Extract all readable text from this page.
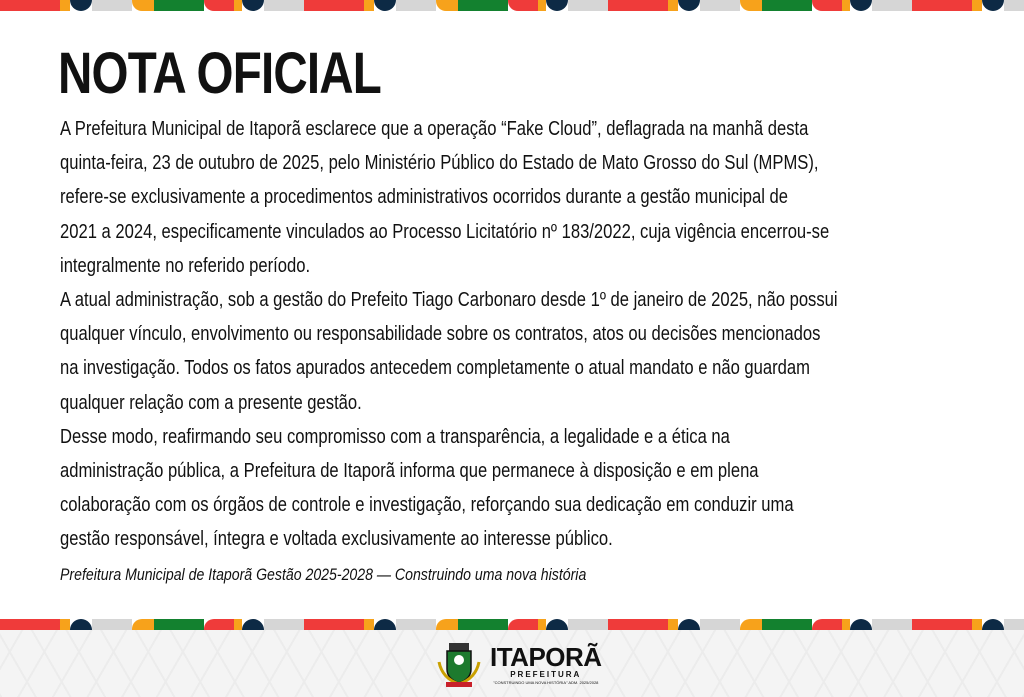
NOTA OFICIAL
A Prefeitura Municipal de Itaporã esclarece que a operação “Fake Cloud”, deflagrada na manhã desta
quinta-feira, 23 de outubro de 2025, pelo Ministério Público do Estado de Mato Grosso do Sul (MPMS),
refere-se exclusivamente a procedimentos administrativos ocorridos durante a gestão municipal de
2021 a 2024, especificamente vinculados ao Processo Licitatório nº 183/2022, cuja vigência encerrou-se
integralmente no referido período.
A atual administração, sob a gestão do Prefeito Tiago Carbonaro desde 1º de janeiro de 2025, não possui
qualquer vínculo, envolvimento ou responsabilidade sobre os contratos, atos ou decisões mencionados
na investigação. Todos os fatos apurados antecedem completamente o atual mandato e não guardam
qualquer relação com a presente gestão.
Desse modo, reafirmando seu compromisso com a transparência, a legalidade e a ética na
administração pública, a Prefeitura de Itaporã informa que permanece à disposição e em plena
colaboração com os órgãos de controle e investigação, reforçando sua dedicação em conduzir uma
gestão responsável, íntegra e voltada exclusivamente ao interesse público.
Prefeitura Municipal de Itaporã Gestão 2025-2028 — Construindo uma nova história
ITAPORÃ
PREFEITURA
"CONSTRUINDO UMA NOVA HISTÓRIA" ADM. 2025/2028
